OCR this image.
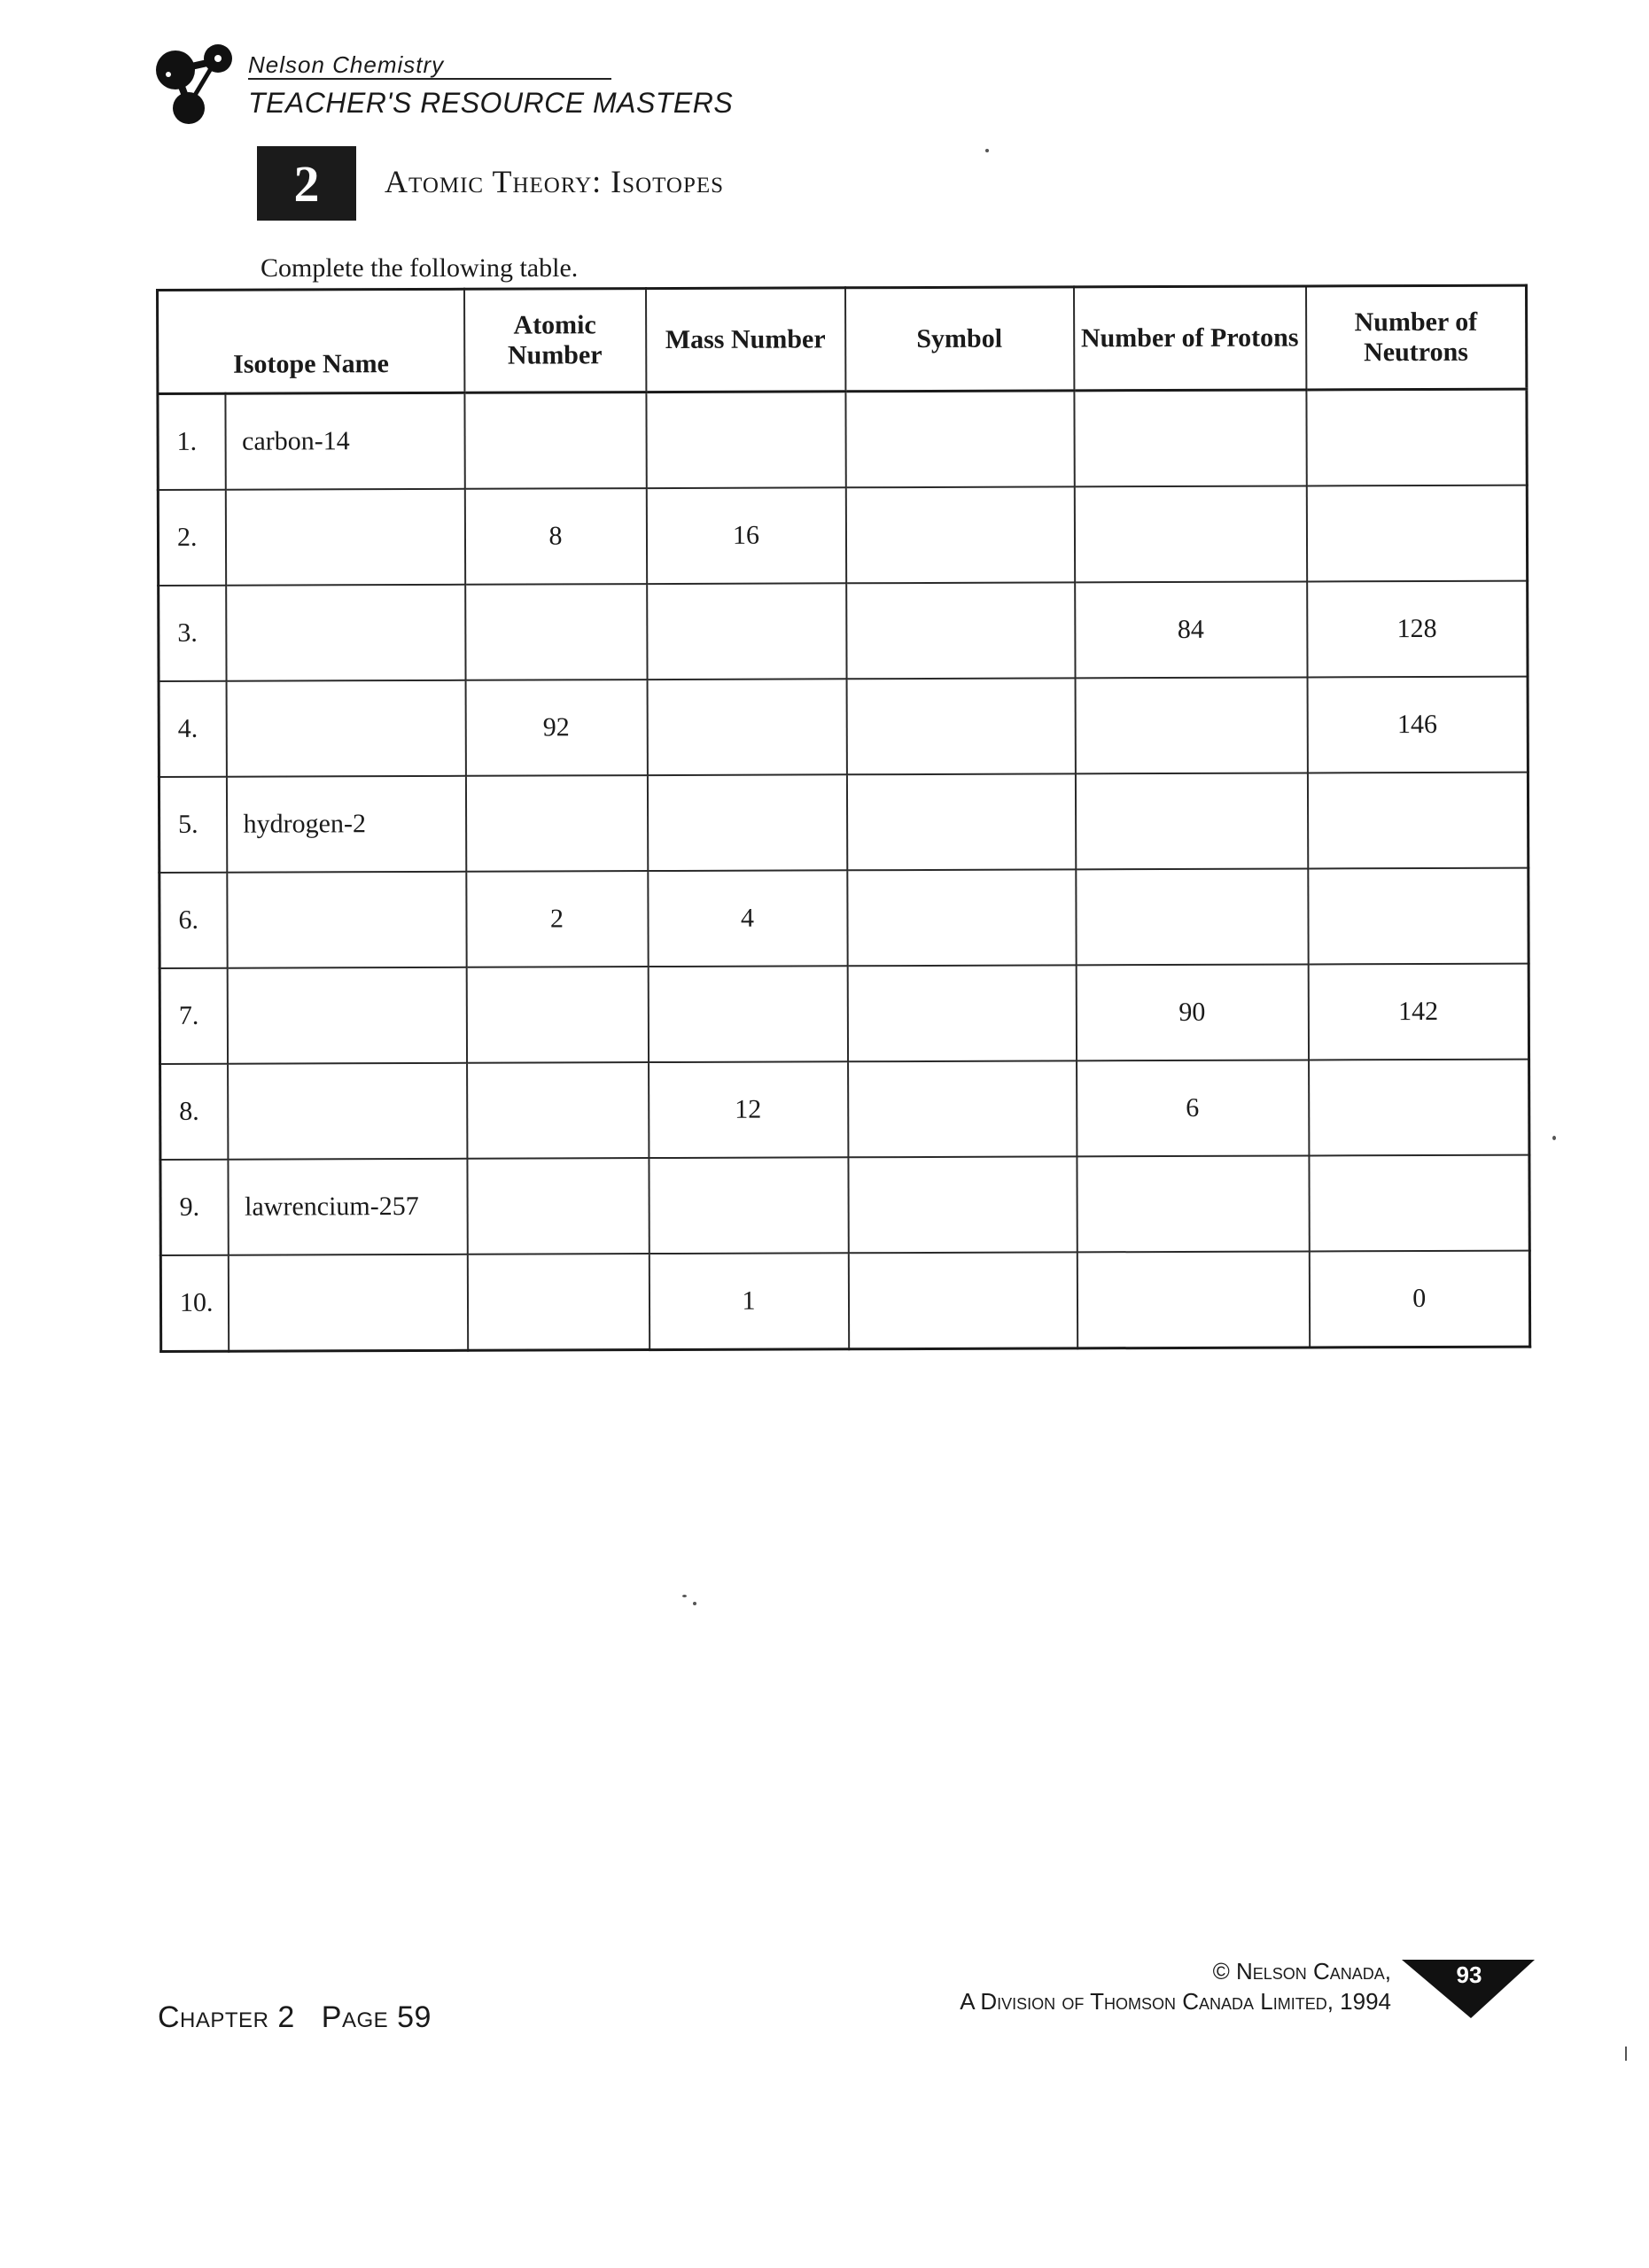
Nelson Chemistry
TEACHER'S RESOURCE MASTERS
2	Atomic Theory: Isotopes
Complete the following table.
Isotope Name		Atomic Number	Mass Number	Symbol	Number of Protons	Number of Neutrons
1.	carbon-14					
2.		8	16			
3.					84	128
4.		92				146
5.	hydrogen-2					
6.		2	4			
7.					90	142
8.			12		6	
9.	lawrencium-257					
10.			1			0
Chapter 2 Page 59
© Nelson Canada,
A Division of Thomson Canada Limited, 1994
93
